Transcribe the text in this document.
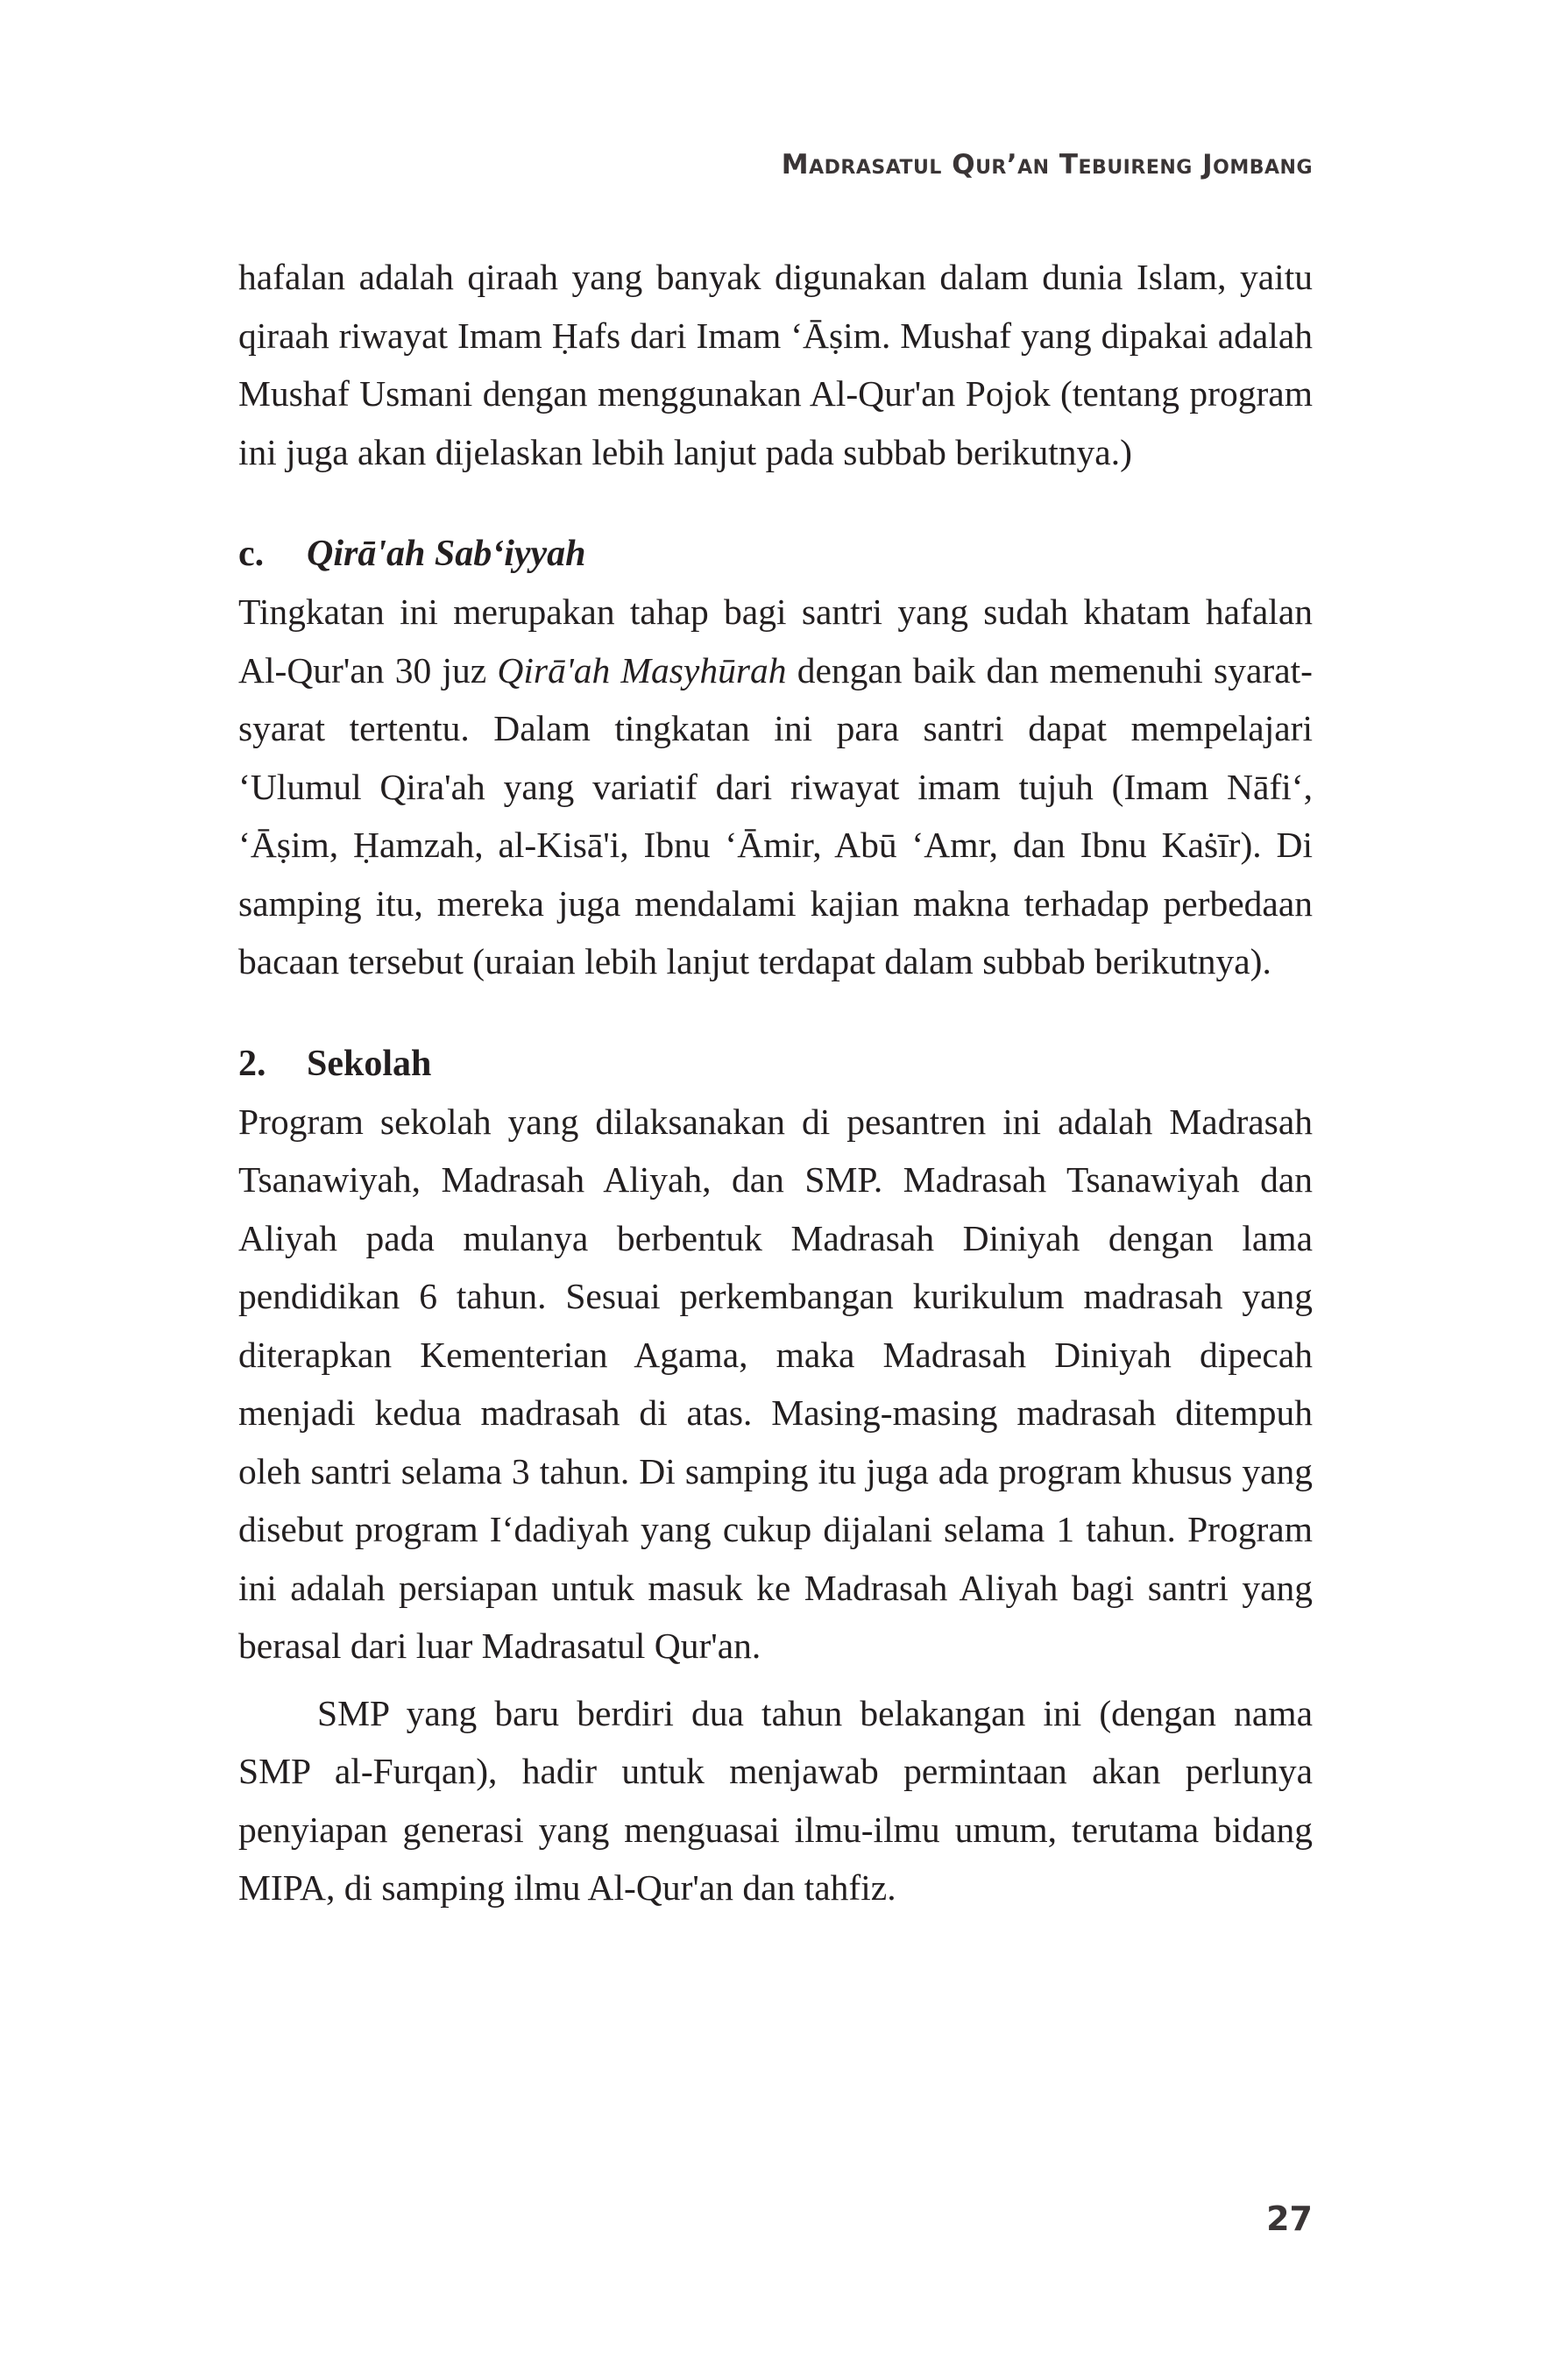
Madrasatul Qur’an Tebuireng Jombang

hafalan adalah qiraah yang banyak digunakan dalam dunia Islam, yaitu qiraah riwayat Imam Ḥafs dari Imam ‘Āṣim. Mushaf yang dipakai adalah Mushaf Usmani dengan menggunakan Al-Qur'an Pojok (tentang program ini juga akan dijelaskan lebih lanjut pada subbab berikutnya.)

c. Qirā'ah Sab‘iyyah

Tingkatan ini merupakan tahap bagi santri yang sudah khatam hafalan Al-Qur'an 30 juz Qirā'ah Masyhūrah dengan baik dan memenuhi syarat-syarat tertentu. Dalam tingkatan ini para santri dapat mempelajari ‘Ulumul Qira'ah yang variatif dari riwayat imam tujuh (Imam Nāfi‘, ‘Āṣim, Ḥamzah, al-Kisā'i, Ibnu ‘Āmir, Abū ‘Amr, dan Ibnu Kaṡīr). Di samping itu, mereka juga mendalami kajian makna terhadap perbedaan bacaan tersebut (uraian lebih lanjut terdapat dalam subbab berikutnya).

2. Sekolah

Program sekolah yang dilaksanakan di pesantren ini adalah Madrasah Tsanawiyah, Madrasah Aliyah, dan SMP. Madrasah Tsanawiyah dan Aliyah pada mulanya berbentuk Madrasah Diniyah dengan lama pendidikan 6 tahun. Sesuai perkembangan kurikulum madrasah yang diterapkan Kementerian Agama, maka Madrasah Diniyah dipecah menjadi kedua madrasah di atas. Masing-masing madrasah ditempuh oleh santri selama 3 tahun. Di samping itu juga ada program khusus yang disebut program I‘dadiyah yang cukup dijalani selama 1 tahun. Program ini adalah persiapan untuk masuk ke Madrasah Aliyah bagi santri yang berasal dari luar Madrasatul Qur'an.

SMP yang baru berdiri dua tahun belakangan ini (dengan nama SMP al-Furqan), hadir untuk menjawab permintaan akan perlunya penyiapan generasi yang menguasai ilmu-ilmu umum, terutama bidang MIPA, di samping ilmu Al-Qur'an dan tahfiz.

27
